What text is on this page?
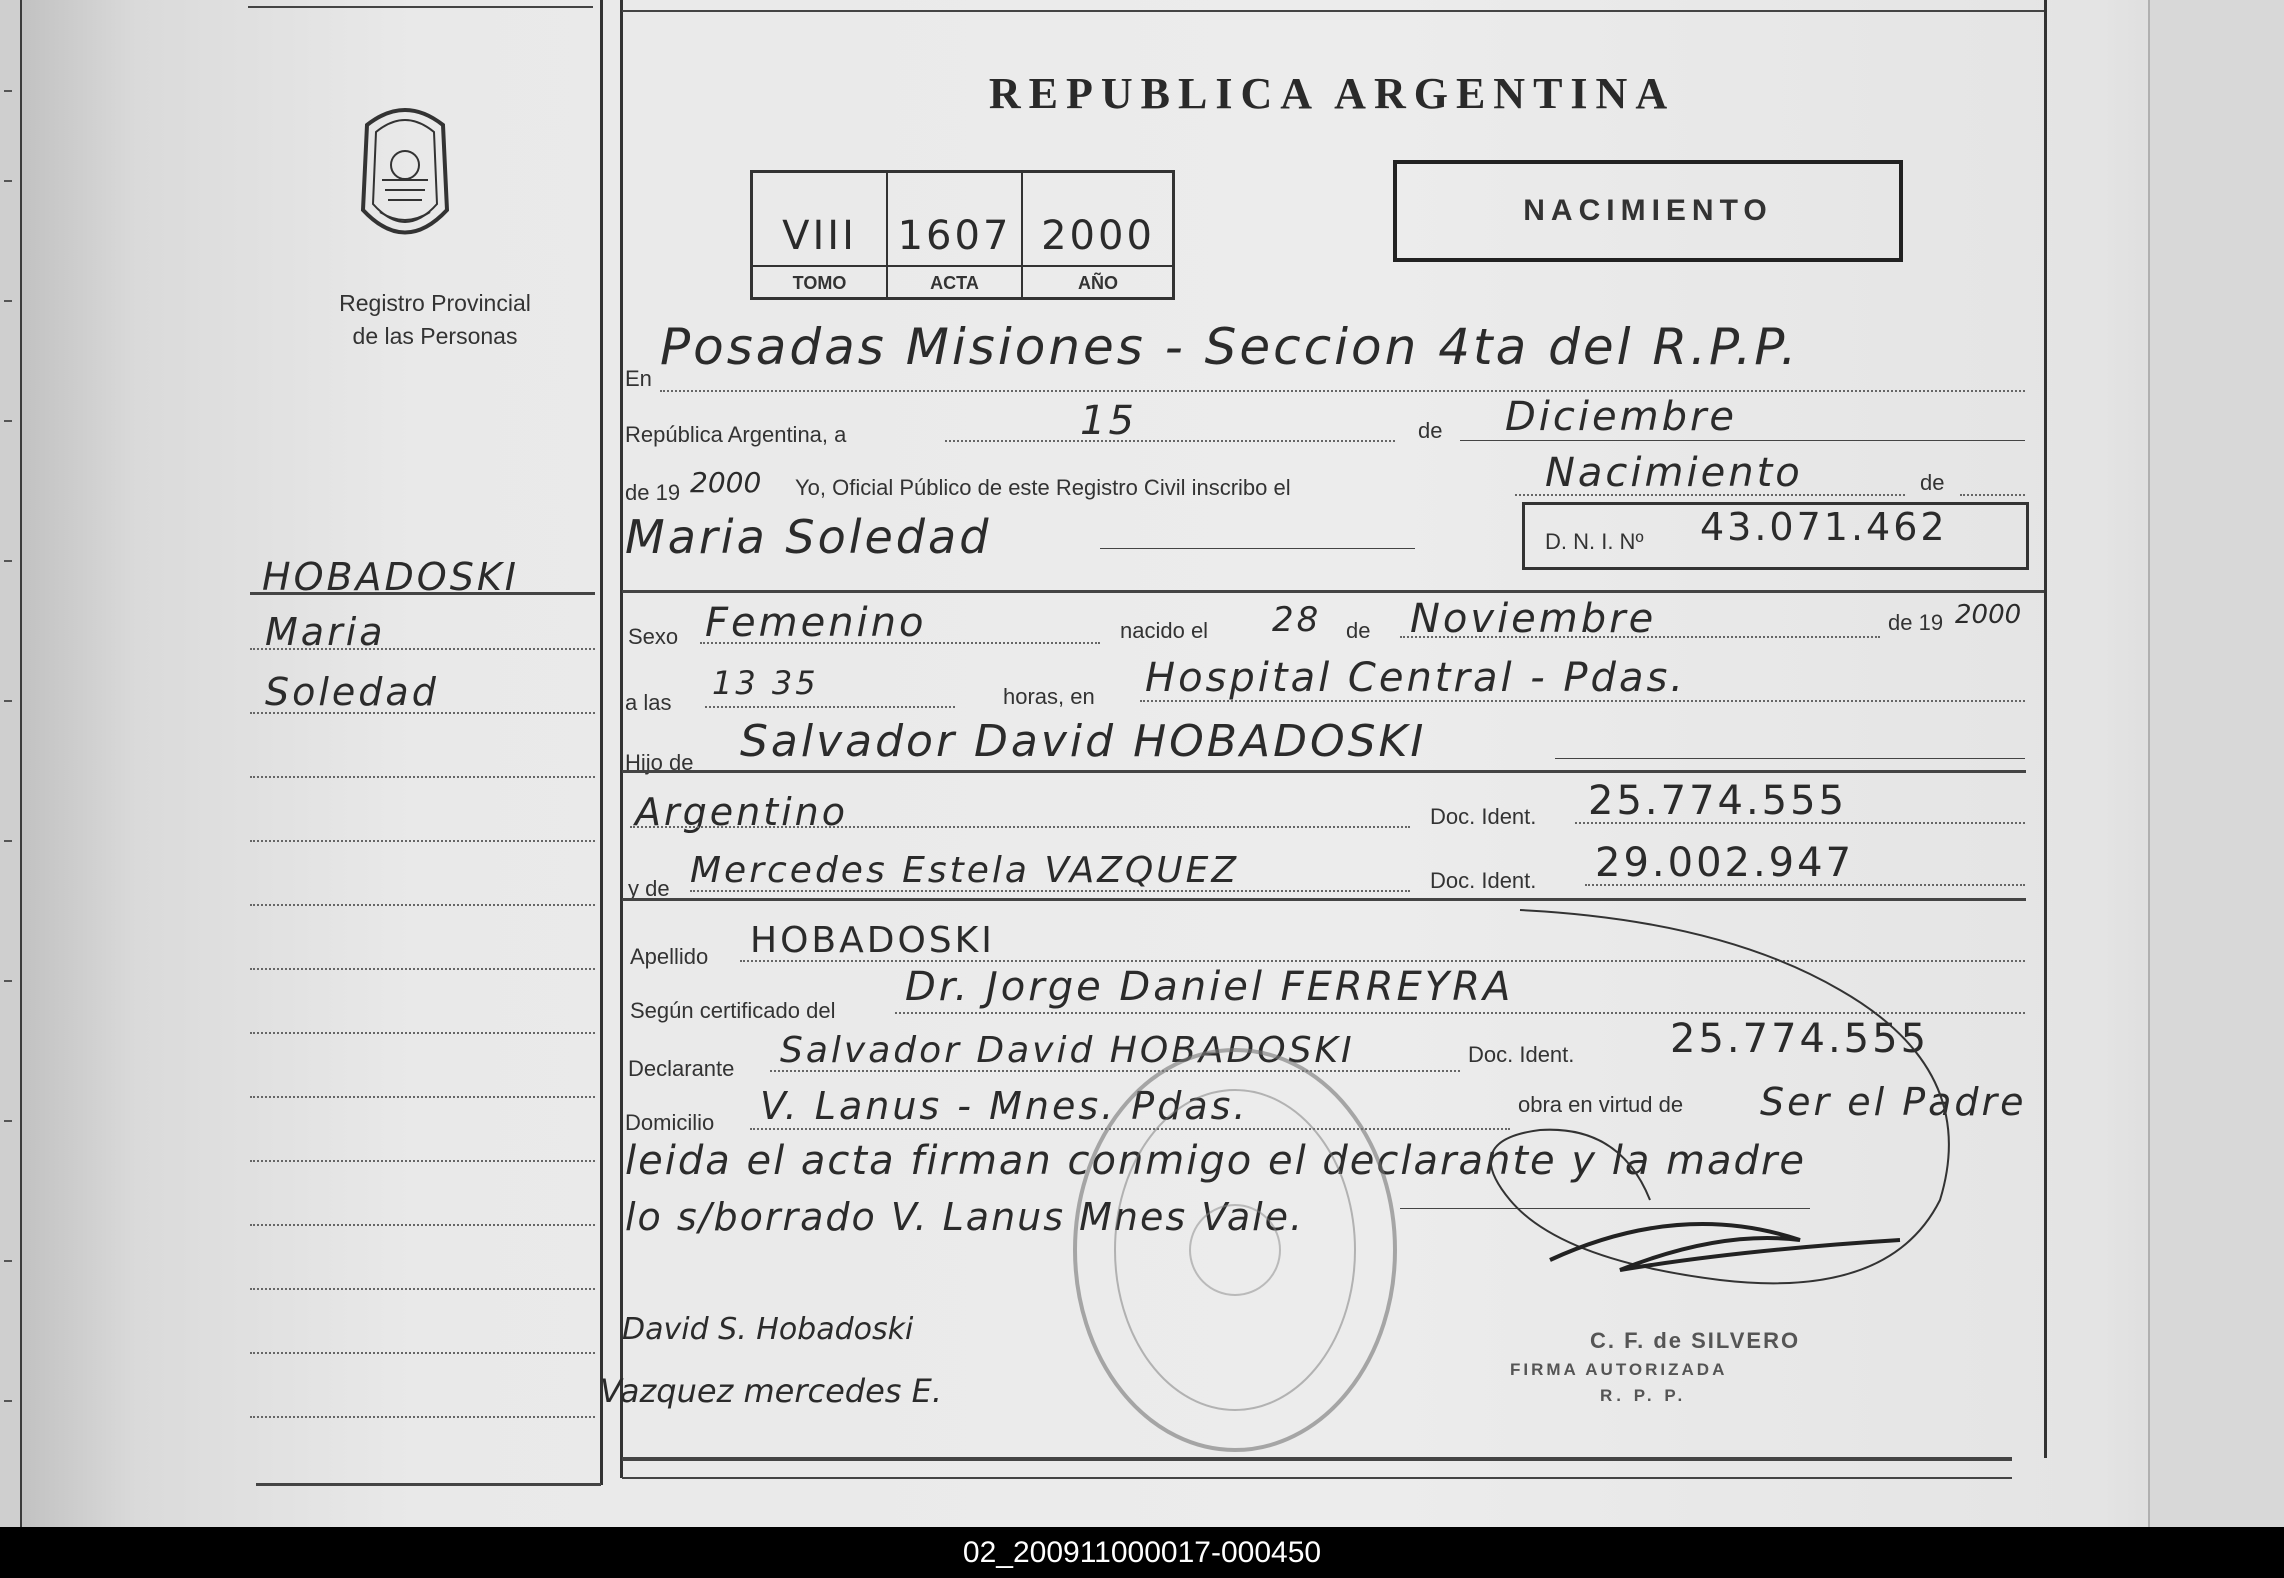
Registro Provincial
de las Personas
HOBADOSKI
Maria
Soledad
REPUBLICA ARGENTINA
VIII	1607 2000
TOMO	ACTA	AÑO
NACIMIENTO
En
Posadas Misiones - Seccion 4ta del R.P.P.
República Argentina, a	15	de Diciembre
de 19 2000 Yo, Oficial Público de este Registro Civil inscribo el	Nacimiento	de
Maria Soledad	D. N. I. Nº 43.071.462
Sexo Femenino	nacido el 28 de Noviembre	de 19 2000
a las
13 35	horas, en Hospital Central - Pdas.
Hijo de Salvador David HOBADOSKI
Argentino	Doc. Ident. 25.774.555
y de Mercedes Estela VAZQUEZ	Doc. Ident. 29.002.947
Apellido HOBADOSKI
Según certificado del
Dr. Jorge Daniel FERREYRA
Declarante Salvador David HOBADOSKI	Doc. Ident. 25.774.555
Domicilio V. Lanus - Mnes. Pdas.	obra en virtud de Ser el Padre
leida el acta firman conmigo el declarante y la madre
lo s/borrado V. Lanus Mnes Vale.
C. F. de SILVERO
FIRMA AUTORIZADA
R. P. P.
David S. Hobadoski
Vazquez mercedes E.
02_200911000017-000450
